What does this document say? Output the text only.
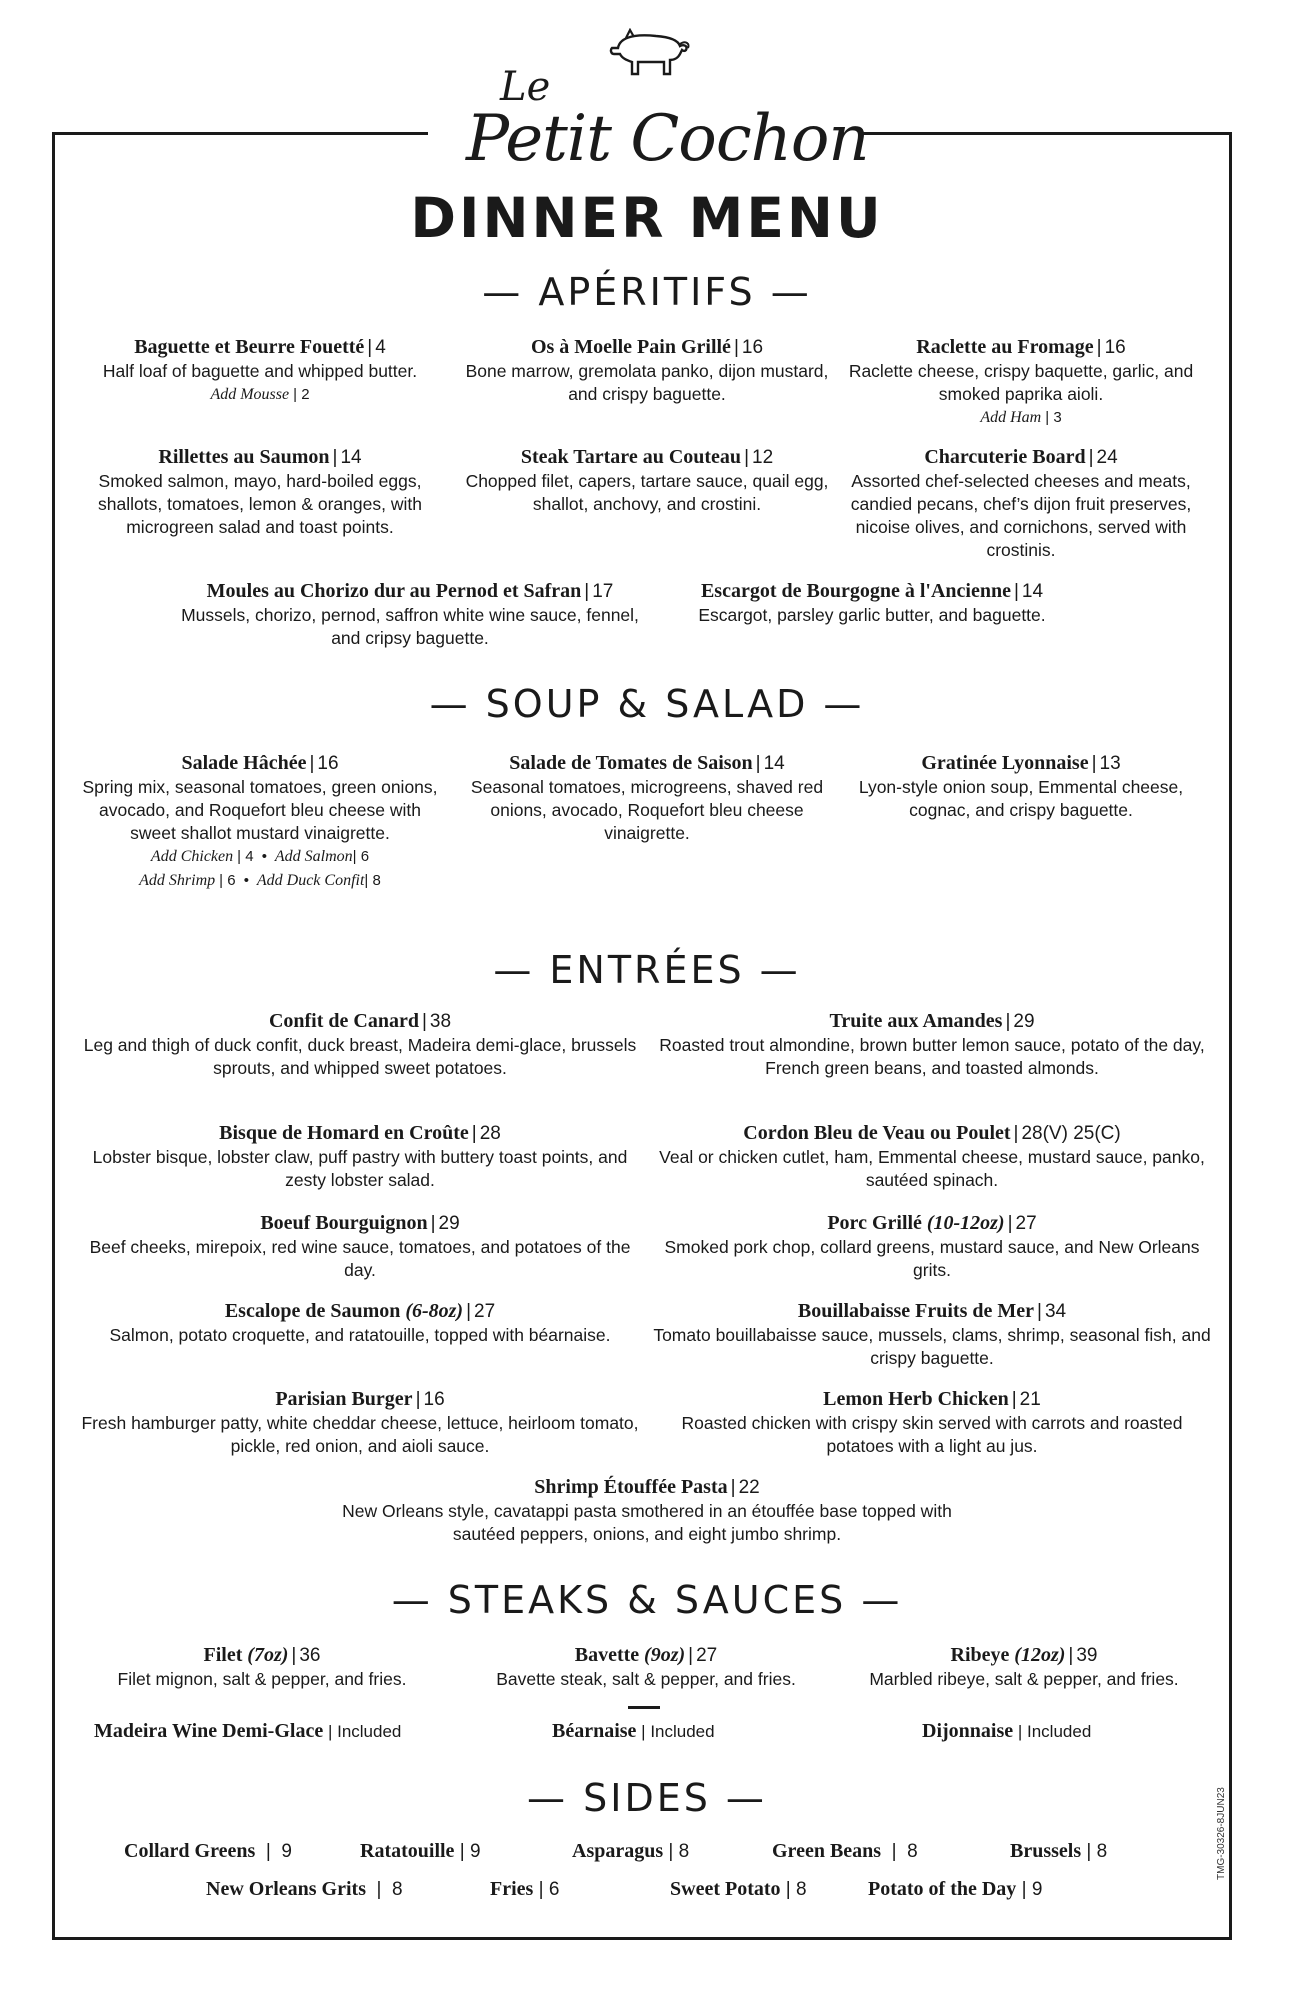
Le
Petit Cochon
DINNER MENU
— APÉRITIFS —
Baguette et Beurre Fouetté | 4
Half loaf of baguette and whipped butter.
Add Mousse | 2
Os à Moelle Pain Grillé | 16
Bone marrow, gremolata panko, dijon mustard, and crispy baguette.
Raclette au Fromage | 16
Raclette cheese, crispy baquette, garlic, and smoked paprika aioli.
Add Ham | 3
Rillettes au Saumon | 14
Smoked salmon, mayo, hard-boiled eggs, shallots, tomatoes, lemon & oranges, with microgreen salad and toast points.
Steak Tartare au Couteau | 12
Chopped filet, capers, tartare sauce, quail egg, shallot, anchovy, and crostini.
Charcuterie Board | 24
Assorted chef-selected cheeses and meats, candied pecans, chef’s dijon fruit preserves, nicoise olives, and cornichons, served with crostinis.
Moules au Chorizo dur au Pernod et Safran | 17
Mussels, chorizo, pernod, saffron white wine sauce, fennel, and cripsy baguette.
Escargot de Bourgogne à l'Ancienne | 14
Escargot, parsley garlic butter, and baguette.
— SOUP & SALAD —
Salade Hâchée | 16
Spring mix, seasonal tomatoes, green onions, avocado, and Roquefort bleu cheese with sweet shallot mustard vinaigrette.
Add Chicken | 4  •  Add Salmon| 6
Add Shrimp | 6  •  Add Duck Confit| 8
Salade de Tomates de Saison | 14
Seasonal tomatoes, microgreens, shaved red onions, avocado, Roquefort bleu cheese vinaigrette.
Gratinée Lyonnaise | 13
Lyon-style onion soup, Emmental cheese, cognac, and crispy baguette.
— ENTRÉES —
Confit de Canard | 38
Leg and thigh of duck confit, duck breast, Madeira demi-glace, brussels sprouts, and whipped sweet potatoes.
Truite aux Amandes | 29
Roasted trout almondine, brown butter lemon sauce, potato of the day, French green beans, and toasted almonds.
Bisque de Homard en Croûte | 28
Lobster bisque, lobster claw, puff pastry with buttery toast points, and zesty lobster salad.
Cordon Bleu de Veau ou Poulet | 28(V) 25(C)
Veal or chicken cutlet, ham, Emmental cheese, mustard sauce, panko, sautéed spinach.
Boeuf Bourguignon | 29
Beef cheeks, mirepoix, red wine sauce, tomatoes, and potatoes of the day.
Porc Grillé (10-12oz) | 27
Smoked pork chop, collard greens, mustard sauce, and New Orleans grits.
Escalope de Saumon (6-8oz) | 27
Salmon, potato croquette, and ratatouille, topped with béarnaise.
Bouillabaisse Fruits de Mer | 34
Tomato bouillabaisse sauce, mussels, clams, shrimp, seasonal fish, and crispy baguette.
Parisian Burger | 16
Fresh hamburger patty, white cheddar cheese, lettuce, heirloom tomato, pickle, red onion, and aioli sauce.
Lemon Herb Chicken | 21
Roasted chicken with crispy skin served with carrots and roasted potatoes with a light au jus.
Shrimp Étouffée Pasta | 22
New Orleans style, cavatappi pasta smothered in an étouffée base topped with sautéed peppers, onions, and eight jumbo shrimp.
— STEAKS & SAUCES —
Filet (7oz) | 36
Filet mignon, salt & pepper, and fries.
Bavette (9oz) | 27
Bavette steak, salt & pepper, and fries.
Ribeye (12oz) | 39
Marbled ribeye, salt & pepper, and fries.
Madeira Wine Demi-Glace | Included	Béarnaise | Included	Dijonnaise | Included
— SIDES —
Collard Greens  |  9	Ratatouille | 9	Asparagus | 8	Green Beans  |  8	Brussels | 8
New Orleans Grits  |  8	Fries | 6	Sweet Potato | 8	Potato of the Day | 9
TMG-30326-8JUN23
